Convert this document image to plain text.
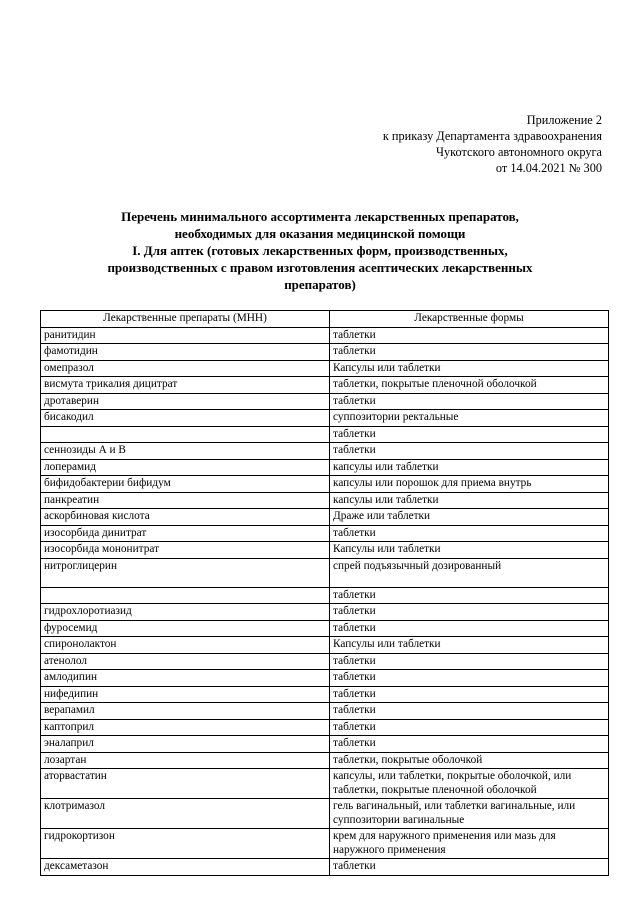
Приложение 2
к приказу Департамента здравоохранения
Чукотского автономного округа
от 14.04.2021 № 300
Перечень минимального ассортимента лекарственных препаратов,
необходимых для оказания медицинской помощи
I. Для аптек (готовых лекарственных форм, производственных,
производственных с правом изготовления асептических лекарственных
препаратов)
Лекарственные препараты (МНН)	Лекарственные формы
ранитидин	таблетки
фамотидин	таблетки
омепразол	Капсулы или таблетки
висмута трикалия дицитрат	таблетки, покрытые пленочной оболочкой
дротаверин	таблетки
бисакодил	суппозитории ректальные
	таблетки
сеннозиды А и В	таблетки
лоперамид	капсулы или таблетки
бифидобактерии бифидум	капсулы или порошок для приема внутрь
панкреатин	капсулы или таблетки
аскорбиновая кислота	Драже или таблетки
изосорбида динитрат	таблетки
изосорбида мононитрат	Капсулы или таблетки
нитроглицерин	спрей подъязычный дозированный
	таблетки
гидрохлоротиазид	таблетки
фуросемид	таблетки
спиронолактон	Капсулы или таблетки
атенолол	таблетки
амлодипин	таблетки
нифедипин	таблетки
верапамил	таблетки
каптоприл	таблетки
эналаприл	таблетки
лозартан	таблетки, покрытые оболочкой
аторвастатин	капсулы, или таблетки, покрытые оболочкой, или таблетки, покрытые пленочной оболочкой
клотримазол	гель вагинальный, или таблетки вагинальные, или суппозитории вагинальные
гидрокортизон	крем для наружного применения или мазь для наружного применения
дексаметазон	таблетки
